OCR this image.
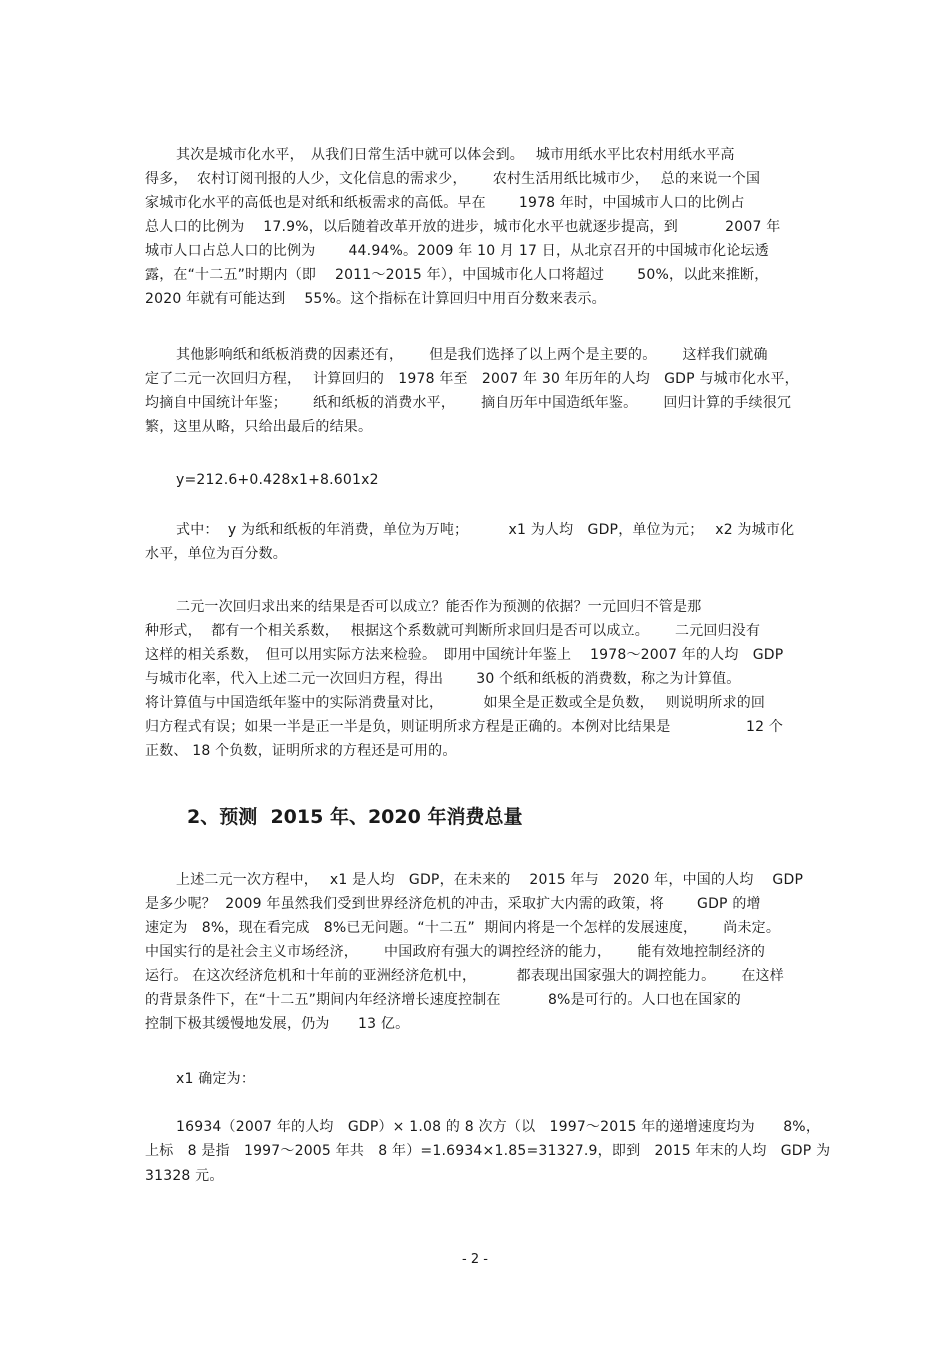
其次是城市化水平，　从我们日常生活中就可以体会到。　 城市用纸水平比农村用纸水平高

得多，  农村订阅刊报的人少，文化信息的需求少，　　 农村生活用纸比城市少，　 总的来说一个国

家城市化水平的高低也是对纸和纸板需求的高低。早在　　 1978 年时，中国城市人口的比例占

总人口的比例为　 17.9%，以后随着改革开放的进步，城市化水平也就逐步提高，到　　　 2007 年

城市人口占总人口的比例为　　 44.94%。2009 年 10 月 17 日，从北京召开的中国城市化论坛透

露，在“十二五”时期内（即　 2011～2015 年），中国城市化人口将超过　　 50%，以此来推断，

2020 年就有可能达到　 55%。这个指标在计算回归中用百分数来表示。

其他影响纸和纸板消费的因素还有，　　 但是我们选择了以上两个是主要的。　　 这样我们就确

定了二元一次回归方程，　 计算回归的　1978 年至　2007 年 30 年历年的人均　GDP 与城市化水平，

均摘自中国统计年鉴；　　 纸和纸板的消费水平，　　 摘自历年中国造纸年鉴。　　 回归计算的手续很冗

繁，这里从略，只给出最后的结果。

y=212.6+0.428x1+8.601x2

式中：  y 为纸和纸板的年消费，单位为万吨；　　　 x1 为人均　GDP，单位为元；　 x2 为城市化

水平，单位为百分数。

二元一次回归求出来的结果是否可以成立？能否作为预测的依据？一元回归不管是那

种形式，  都有一个相关系数，　 根据这个系数就可判断所求回归是否可以成立。　　 二元回归没有

这样的相关系数，　但可以用实际方法来检验。　即用中国统计年鉴上　 1978～2007 年的人均　GDP

与城市化率，代入上述二元一次回归方程，得出　　 30 个纸和纸板的消费数，称之为计算值。

将计算值与中国造纸年鉴中的实际消费量对比，　　　 如果全是正数或全是负数，　 则说明所求的回

归方程式有误；如果一半是正一半是负，则证明所求方程是正确的。本例对比结果是　　　　　 12 个

正数、 18 个负数，证明所求的方程还是可用的。

2、预测  2015 年、2020 年消费总量

上述二元一次方程中，　 x1 是人均　GDP，在未来的　 2015 年与　2020 年，中国的人均　 GDP

是多少呢？  2009 年虽然我们受到世界经济危机的冲击，采取扩大内需的政策，将　　 GDP 的增

速定为　8%，现在看完成　8%已无问题。“十二五”  期间内将是一个怎样的发展速度，　　 尚未定。

中国实行的是社会主义市场经济，　　 中国政府有强大的调控经济的能力，　　 能有效地控制经济的

运行。 在这次经济危机和十年前的亚洲经济危机中，　　　 都表现出国家强大的调控能力。　　 在这样

的背景条件下，在“十二五”期间内年经济增长速度控制在　　　 8%是可行的。人口也在国家的

控制下极其缓慢地发展，仍为　　13 亿。

x1 确定为：

16934（2007 年的人均　GDP）× 1.08 的 8 次方（以　1997～2015 年的递增速度均为　　8%，

上标　8 是指　1997～2005 年共　8 年）=1.6934×1.85=31327.9，即到　2015 年末的人均　GDP 为

31328 元。

- 2 -
